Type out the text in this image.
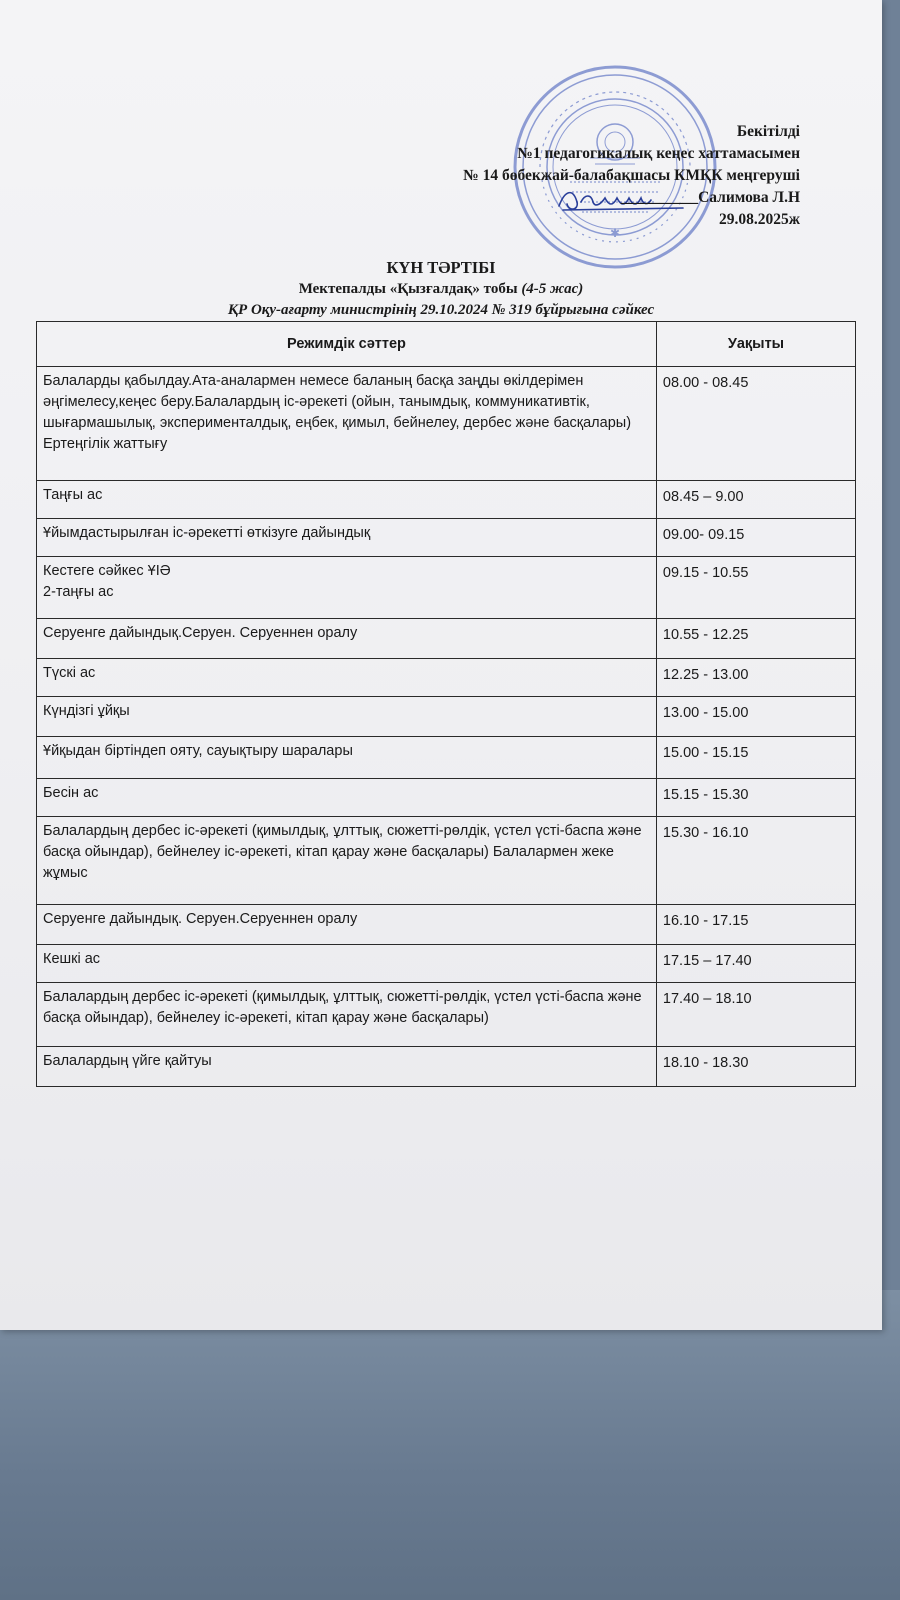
✱
Бекітілді
№1 педагогикалық кеңес хаттамасымен
№ 14 бөбекжай-балабақшасы КМҚК меңгеруші
__________Салимова Л.Н
29.08.2025ж
КҮН ТӘРТІБІ
Мектепалды «Қызғалдақ» тобы (4-5 жас)
ҚР Оқу-ағарту министрінің 29.10.2024 № 319 бұйрығына сәйкес
Режимдік сәттер	Уақыты
Балаларды қабылдау.Ата-аналармен немесе баланың басқа заңды өкілдерімен әңгімелесу,кеңес беру.Балалардың іс-әрекеті (ойын, танымдық, коммуникативтік, шығармашылық, эксперименталдық, еңбек, қимыл, бейнелеу, дербес және басқалары) Ертеңгілік жаттығу	08.00 - 08.45
Таңғы ас	08.45 – 9.00
Ұйымдастырылған іс-әрекетті өткізуге дайындық	09.00- 09.15
Кестеге сәйкес ҰІӘ
2-таңғы ас	09.15 - 10.55
Серуенге дайындық.Серуен. Серуеннен оралу	10.55 - 12.25
Түскі ас	12.25 - 13.00
Күндізгі ұйқы	13.00 - 15.00
Ұйқыдан біртіндеп ояту, сауықтыру шаралары	15.00 - 15.15
Бесін ас	15.15 - 15.30
Балалардың дербес іс-әрекеті (қимылдық, ұлттық, сюжетті-рөлдік, үстел үсті-баспа және басқа ойындар), бейнелеу іс-әрекеті, кітап қарау және басқалары) Балалармен жеке жұмыс	15.30 - 16.10
Серуенге дайындық. Серуен.Серуеннен оралу	16.10 - 17.15
Кешкі ас	17.15 – 17.40
Балалардың дербес іс-әрекеті (қимылдық, ұлттық, сюжетті-рөлдік, үстел үсті-баспа және басқа ойындар), бейнелеу іс-әрекеті, кітап қарау және басқалары)	17.40 – 18.10
Балалардың үйге қайтуы	18.10 - 18.30
